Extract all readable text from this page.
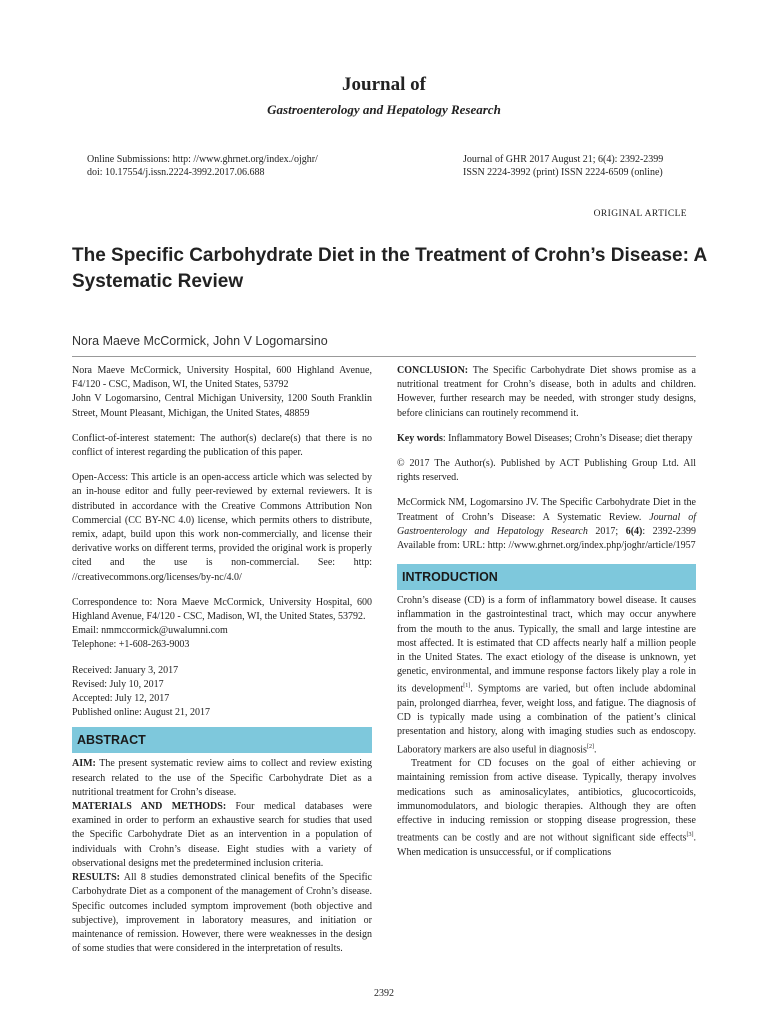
Journal of
Gastroenterology and Hepatology Research
Online Submissions: http: //www.ghrnet.org/index./ojghr/
doi: 10.17554/j.issn.2224-3992.2017.06.688
Journal of GHR 2017 August 21; 6(4): 2392-2399
ISSN 2224-3992 (print) ISSN 2224-6509 (online)
ORIGINAL ARTICLE
The Specific Carbohydrate Diet in the Treatment of Crohn’s Disease: A Systematic Review
Nora Maeve McCormick, John V Logomarsino

Nora Maeve McCormick, University Hospital, 600 Highland Avenue, F4/120 - CSC, Madison, WI, the United States, 53792

John V Logomarsino, Central Michigan University, 1200 South Franklin Street, Mount Pleasant, Michigan, the United States, 48859

Conflict-of-interest statement: The author(s) declare(s) that there is no conflict of interest regarding the publication of this paper.

Open-Access: This article is an open-access article which was selected by an in-house editor and fully peer-reviewed by external reviewers. It is distributed in accordance with the Creative Commons Attribution Non Commercial (CC BY-NC 4.0) license, which permits others to distribute, remix, adapt, build upon this work non-commercially, and license their derivative works on different terms, provided the original work is properly cited and the use is non-commercial. See: http: //creativecommons.org/licenses/by-nc/4.0/

Correspondence to: Nora Maeve McCormick, University Hospital, 600 Highland Avenue, F4/120 - CSC, Madison, WI, the United States, 53792.

Email: nmmccormick@uwalumni.com

Telephone: +1-608-263-9003

Received: January 3, 2017

Revised: July 10, 2017

Accepted: July 12, 2017

Published online: August 21, 2017

ABSTRACT

AIM: The present systematic review aims to collect and review existing research related to the use of the Specific Carbohydrate Diet as a nutritional treatment for Crohn’s disease.

MATERIALS AND METHODS: Four medical databases were examined in order to perform an exhaustive search for studies that used the Specific Carbohydrate Diet as an intervention in a population of individuals with Crohn’s disease. Eight studies with a variety of observational designs met the predetermined inclusion criteria.

RESULTS: All 8 studies demonstrated clinical benefits of the Specific Carbohydrate Diet as a component of the management of Crohn’s disease. Specific outcomes included symptom improvement (both objective and subjective), improvement in laboratory measures, and initiation or maintenance of remission. However, there were weaknesses in the design of some studies that were considered in the interpretation of results.

CONCLUSION: The Specific Carbohydrate Diet shows promise as a nutritional treatment for Crohn’s disease, both in adults and children. However, further research may be needed, with stronger study designs, before clinicians can routinely recommend it.

Key words: Inflammatory Bowel Diseases; Crohn’s Disease; diet therapy

© 2017 The Author(s). Published by ACT Publishing Group Ltd. All rights reserved.

McCormick NM, Logomarsino JV. The Specific Carbohydrate Diet in the Treatment of Crohn’s Disease: A Systematic Review. Journal of Gastroenterology and Hepatology Research 2017; 6(4): 2392-2399 Available from: URL: http: //www.ghrnet.org/index.php/joghr/article/1957

INTRODUCTION

Crohn’s disease (CD) is a form of inflammatory bowel disease. It causes inflammation in the gastrointestinal tract, which may occur anywhere from the mouth to the anus. Typically, the small and large intestine are most affected. It is estimated that CD affects nearly half a million people in the United States. The exact etiology of the disease is unknown, yet genetic, environmental, and immune response factors likely play a role in its development[1]. Symptoms are varied, but often include abdominal pain, prolonged diarrhea, fever, weight loss, and fatigue. The diagnosis of CD is typically made using a combination of the patient’s clinical presentation and history, along with imaging studies such as endoscopy. Laboratory markers are also useful in diagnosis[2].

Treatment for CD focuses on the goal of either achieving or maintaining remission from active disease. Typically, therapy involves medications such as aminosalicylates, antibiotics, glucocorticoids, immunomodulators, and biologic therapies. Although they are often effective in inducing remission or stopping disease progression, these treatments can be costly and are not without significant side effects[3]. When medication is unsuccessful, or if complications

2392
